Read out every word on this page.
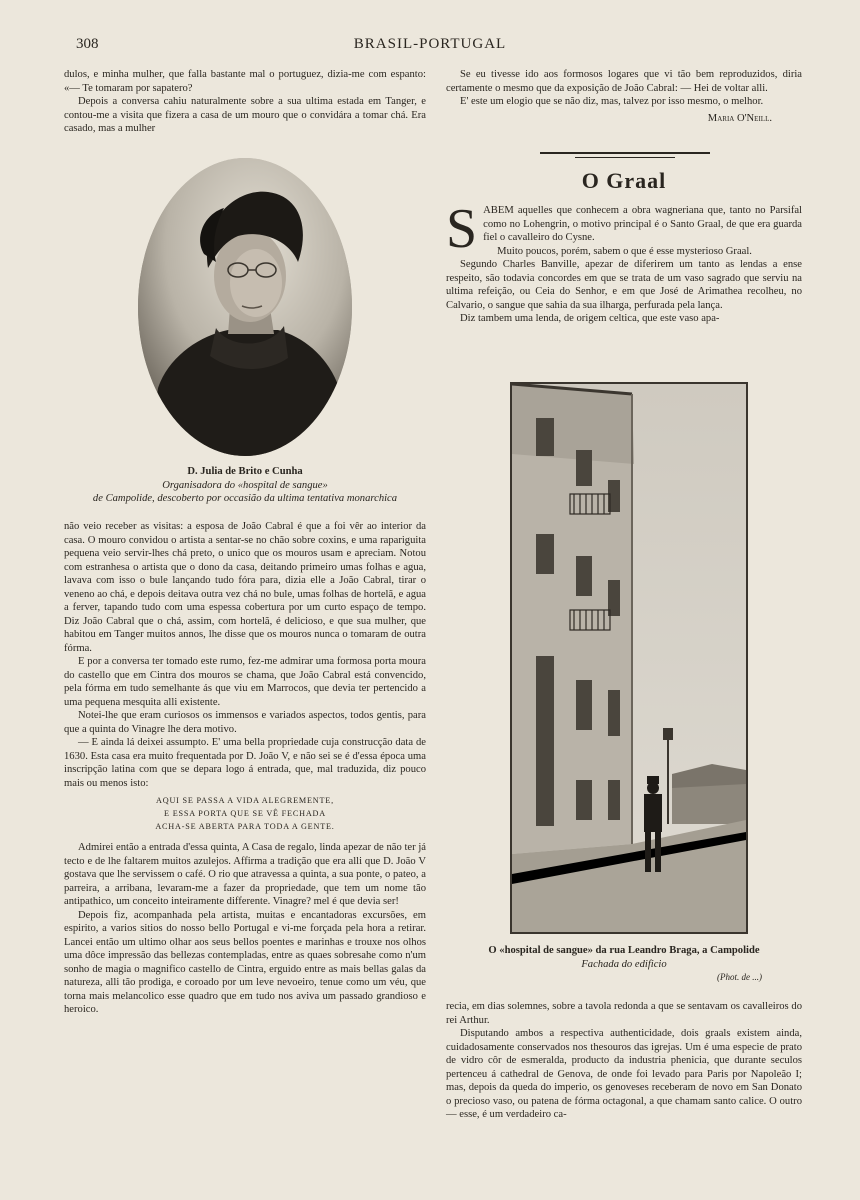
308	BRASIL-PORTUGAL

dulos, e minha mulher, que falla bastante mal o portuguez, dizia-me com espanto: «— Te tomaram por sapatero?

Depois a conversa cahiu naturalmente sobre a sua ultima estada em Tanger, e contou-me a visita que fizera a casa de um mouro que o convidára a tomar chá. Era casado, mas a mulher

D. Julia de Brito e Cunha
Organisadora do «hospital de sangue»
de Campolide, descoberto por occasião da ultima tentativa monarchica

não veio receber as visitas: a esposa de João Cabral é que a foi vêr ao interior da casa. O mouro convidou o artista a sentar-se no chão sobre coxins, e uma rapariguita pequena veio servir-lhes chá preto, o unico que os mouros usam e apreciam. Notou com estranhesa o artista que o dono da casa, deitando primeiro umas folhas e agua, lavava com isso o bule lançando tudo fóra para, dizia elle a João Cabral, tirar o veneno ao chá, e depois deitava outra vez chá no bule, umas folhas de hortelã, e agua a ferver, tapando tudo com uma espessa cobertura por um curto espaço de tempo. Diz João Cabral que o chá, assim, com hortelã, é delicioso, e que sua mulher, que habitou em Tanger muitos annos, lhe disse que os mouros nunca o tomaram de outra fórma.

E por a conversa ter tomado este rumo, fez-me admirar uma formosa porta moura do castello que em Cintra dos mouros se chama, que João Cabral está convencido, pela fórma em tudo semelhante ás que viu em Marrocos, que devia ter pertencido a uma pequena mesquita alli existente.

Notei-lhe que eram curiosos os immensos e variados aspectos, todos gentis, para que a quinta do Vinagre lhe dera motivo.

— E ainda lá deixei assumpto. E' uma bella propriedade cuja construcção data de 1630. Esta casa era muito frequentada por D. João V, e não sei se é d'essa época uma inscripção latina com que se depara logo á entrada, que, mal traduzida, diz pouco mais ou menos isto:

AQUI SE PASSA A VIDA ALEGREMENTE,
E ESSA PORTA QUE SE VÊ FECHADA
ACHA-SE ABERTA PARA TODA A GENTE.

Admirei então a entrada d'essa quinta, A Casa de regalo, linda apezar de não ter já tecto e de lhe faltarem muitos azulejos. Affirma a tradição que era alli que D. João V gostava que lhe servissem o café. O rio que atravessa a quinta, a sua ponte, o pateo, a parreira, a arribana, levaram-me a fazer da propriedade, que tem um nome tão antipathico, um conceito inteiramente differente. Vinagre? mel é que devia ser!

Depois fiz, acompanhada pela artista, muitas e encantadoras excursões, em espirito, a varios sitios do nosso bello Portugal e vi-me forçada pela hora a retirar. Lancei então um ultimo olhar aos seus bellos poentes e marinhas e trouxe nos olhos uma dôce impressão das bellezas contempladas, entre as quaes sobresahe como n'um sonho de magia o magnifico castello de Cintra, erguido entre as mais bellas galas da natureza, alli tão prodiga, e coroado por um leve nevoeiro, tenue como um véu, que torna mais melancolico esse quadro que em tudo nos aviva um passado grandioso e heroico.

Se eu tivesse ido aos formosos logares que vi tão bem reproduzidos, diria certamente o mesmo que da exposição de João Cabral: — Hei de voltar alli.

E' este um elogio que se não diz, mas, talvez por isso mesmo, o melhor.

Maria O'Neill.
O Graal

S ABEM aquelles que conhecem a obra wagneriana que, tanto no Parsifal como no Lohengrin, o motivo principal é o Santo Graal, de que era guarda fiel o cavalleiro do Cysne.

Muito poucos, porém, sabem o que é esse mysterioso Graal.

Segundo Charles Banville, apezar de diferirem um tanto as lendas a ense respeito, são todavia concordes em que se trata de um vaso sagrado que serviu na ultima refeição, ou Ceia do Senhor, e em que José de Arimathea recolheu, no Calvario, o sangue que sahia da sua ilharga, perfurada pela lança.

Diz tambem uma lenda, de origem celtica, que este vaso apa-

O «hospital de sangue» da rua Leandro Braga, a Campolide
Fachada do edificio
(Phot. de ...)

recia, em dias solemnes, sobre a tavola redonda a que se sentavam os cavalleiros do rei Arthur.

Disputando ambos a respectiva authenticidade, dois graals existem ainda, cuidadosamente conservados nos thesouros das igrejas. Um é uma especie de prato de vidro côr de esmeralda, producto da industria phenicia, que durante seculos pertenceu á cathedral de Genova, de onde foi levado para Paris por Napoleão I; mas, depois da queda do imperio, os genoveses receberam de novo em San Donato o precioso vaso, ou patena de fórma octagonal, a que chamam santo calice. O outro — esse, é um verdadeiro ca-
